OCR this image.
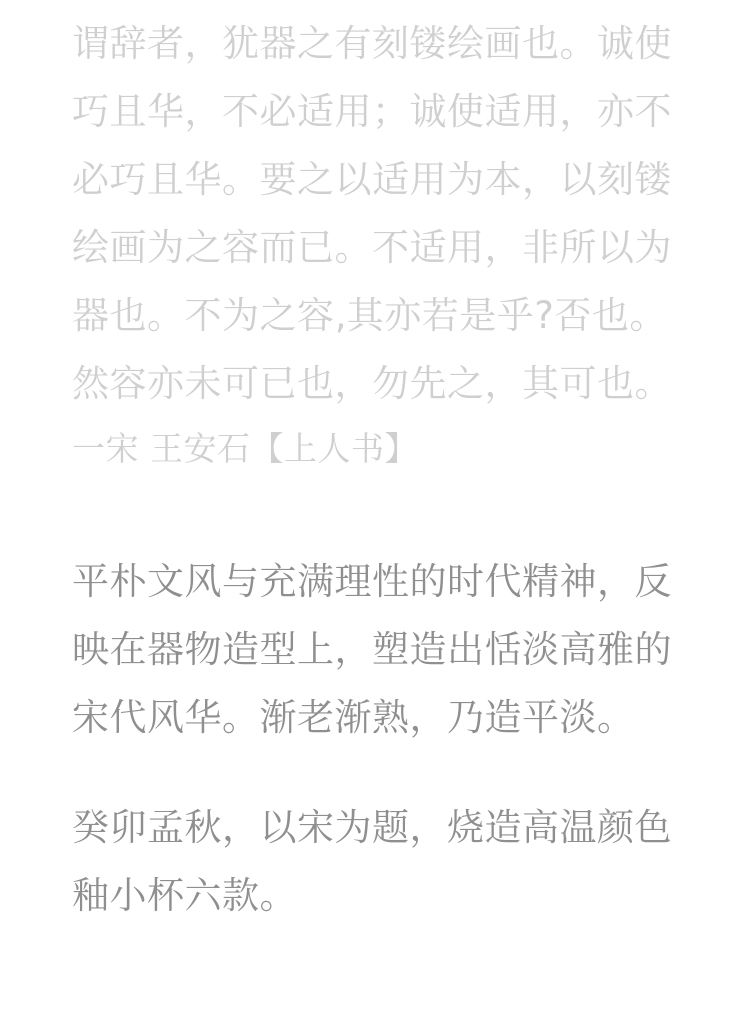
谓辞者，犹器之有刻镂绘画也。诚使
巧且华，不必适用；诚使适用，亦不
必巧且华。要之以适用为本，以刻镂
绘画为之容而已。不适用，非所以为
器也。不为之容‚其亦若是乎?否也。
然容亦未可已也，勿先之，其可也。
一宋 王安石【上人书】
平朴文风与充满理性的时代精神，反
映在器物造型上，塑造出恬淡高雅的
宋代风华。渐老渐熟，乃造平淡。
癸卯孟秋，以宋为题，烧造高温颜色
釉小杯六款。
